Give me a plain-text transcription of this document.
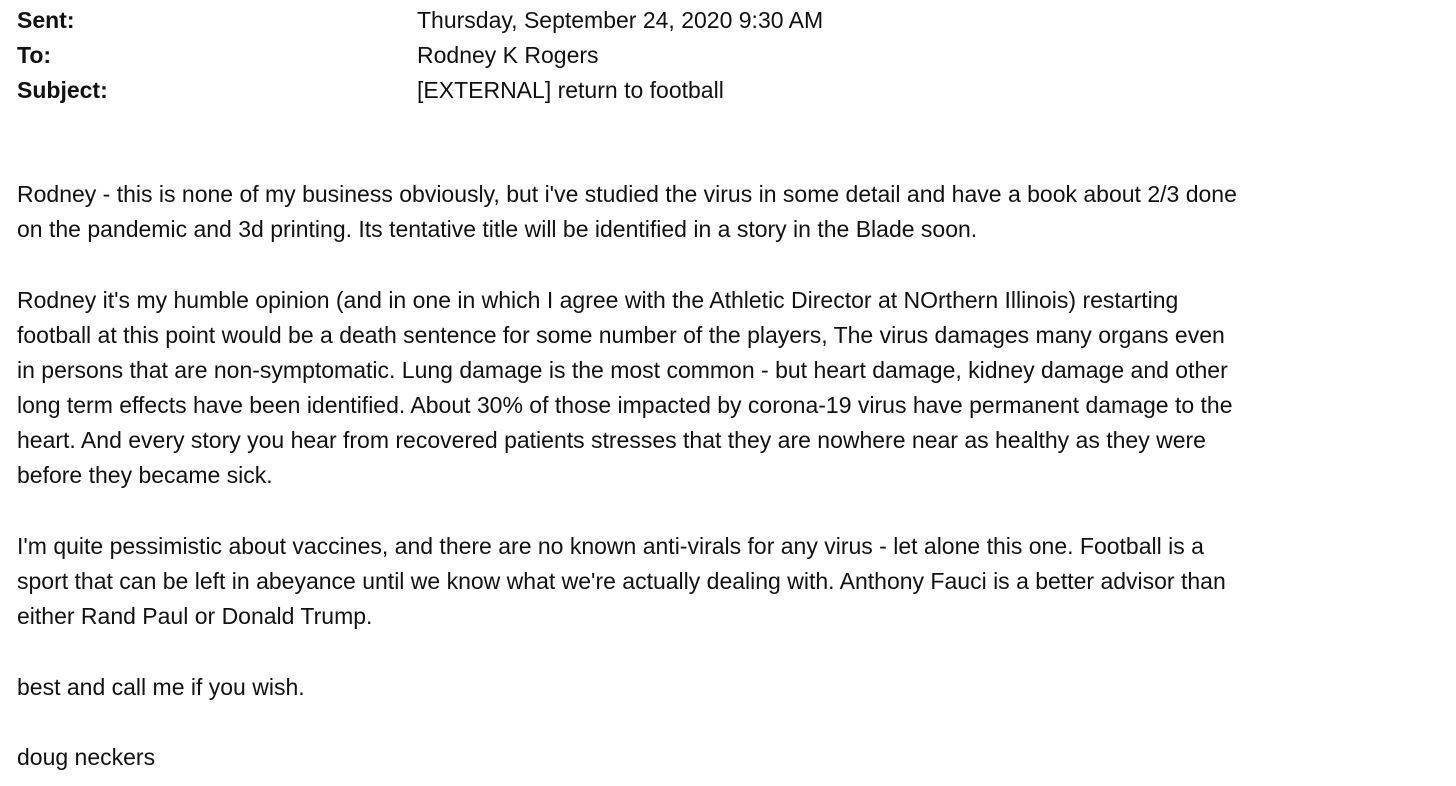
Sent:	Thursday, September 24, 2020 9:30 AM
To:	Rodney K Rogers
Subject:	[EXTERNAL] return to football

Rodney - this is none of my business obviously, but i've studied the virus in some detail and have a book about 2/3 done
on the pandemic and 3d printing. Its tentative title will be identified in a story in the Blade soon.

Rodney it's my humble opinion (and in one in which I agree with the Athletic Director at NOrthern Illinois) restarting
football at this point would be a death sentence for some number of the players, The virus damages many organs even
in persons that are non-symptomatic. Lung damage is the most common - but heart damage, kidney damage and other
long term effects have been identified. About 30% of those impacted by corona-19 virus have permanent damage to the
heart. And every story you hear from recovered patients stresses that they are nowhere near as healthy as they were
before they became sick.

I'm quite pessimistic about vaccines, and there are no known anti-virals for any virus - let alone this one. Football is a
sport that can be left in abeyance until we know what we're actually dealing with. Anthony Fauci is a better advisor than
either Rand Paul or Donald Trump.

best and call me if you wish.

doug neckers
